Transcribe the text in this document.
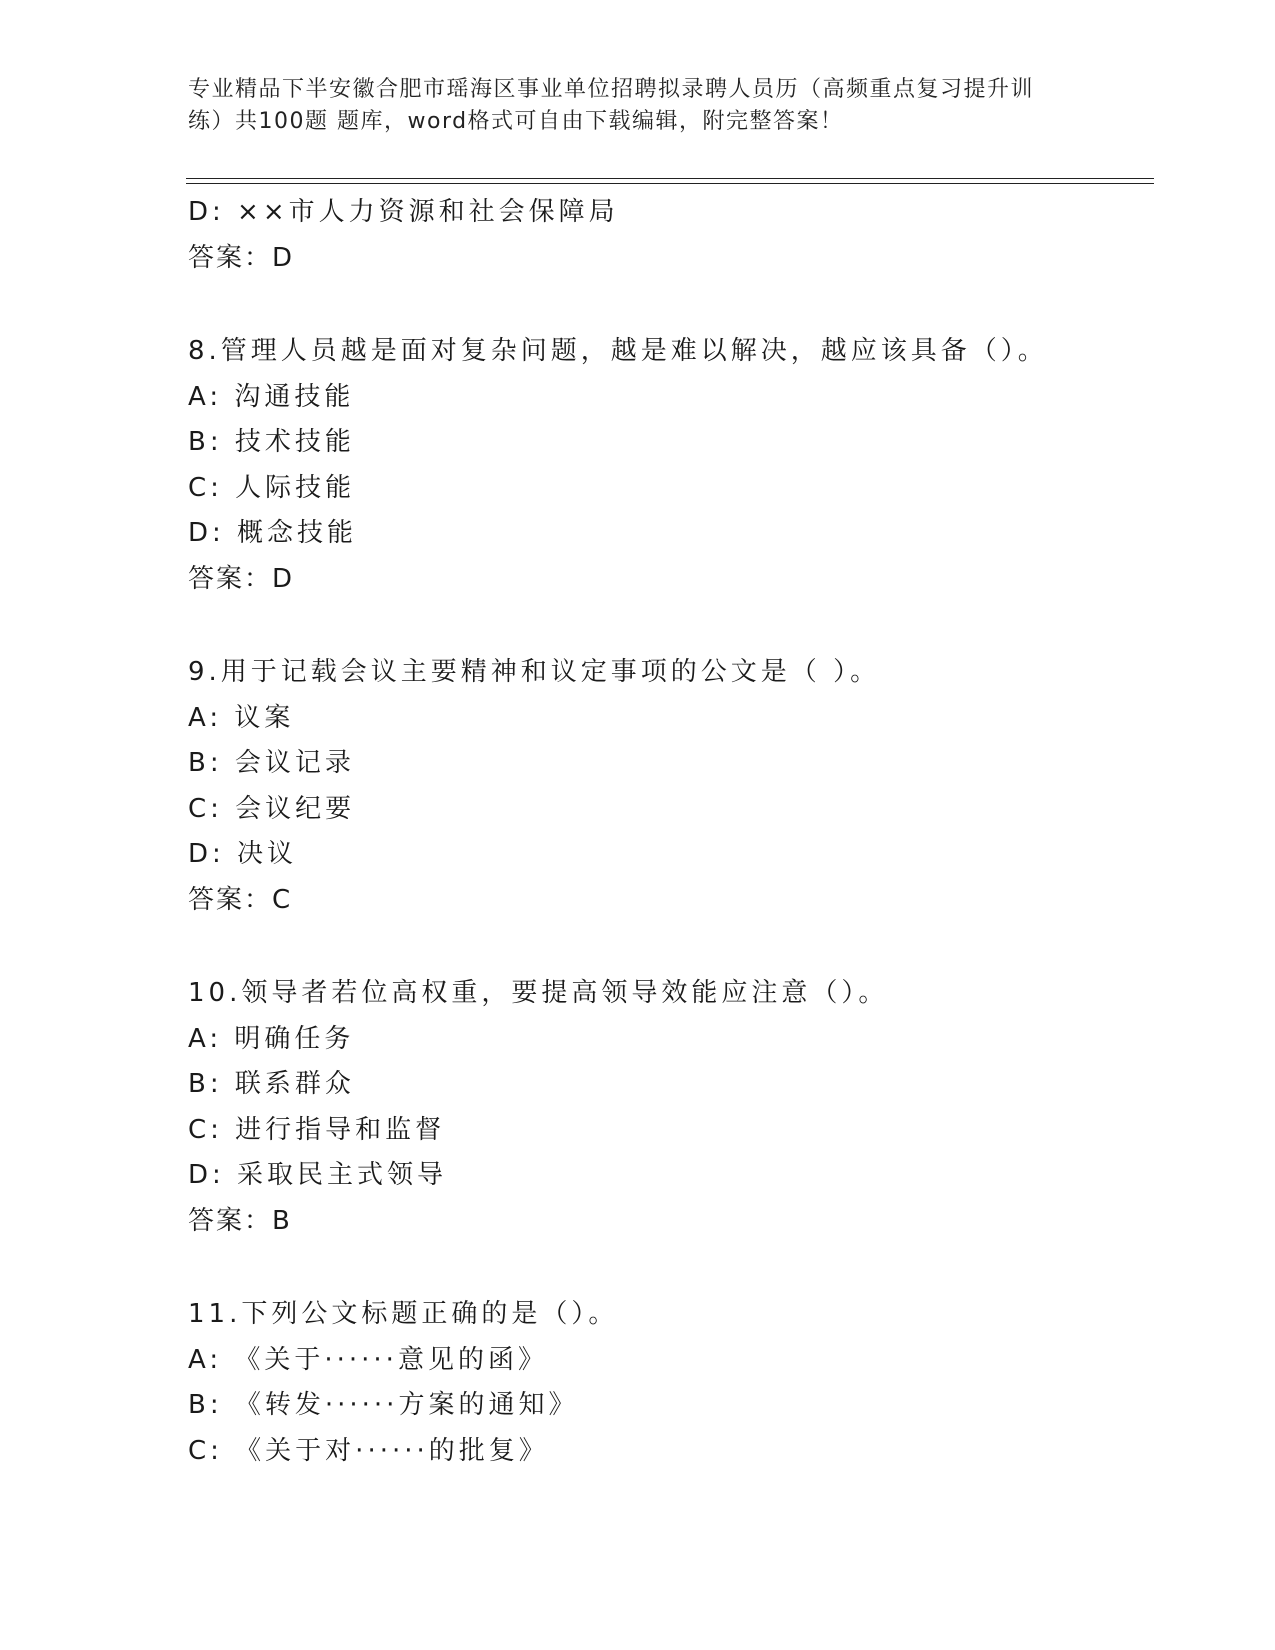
专业精品下半安徽合肥市瑶海区事业单位招聘拟录聘人员历（高频重点复习提升训
练）共100题 题库，word格式可自由下载编辑，附完整答案！
D: ××市人力资源和社会保障局
答案：D
8.管理人员越是面对复杂问题，越是难以解决，越应该具备（）。
A: 沟通技能
B: 技术技能
C: 人际技能
D: 概念技能
答案：D
9.用于记载会议主要精神和议定事项的公文是（ ）。
A: 议案
B: 会议记录
C: 会议纪要
D: 决议
答案：C
10.领导者若位高权重，要提高领导效能应注意（）。
A: 明确任务
B: 联系群众
C: 进行指导和监督
D: 采取民主式领导
答案：B
11.下列公文标题正确的是（）。
A: 《关于······意见的函》
B: 《转发······方案的通知》
C: 《关于对······的批复》
